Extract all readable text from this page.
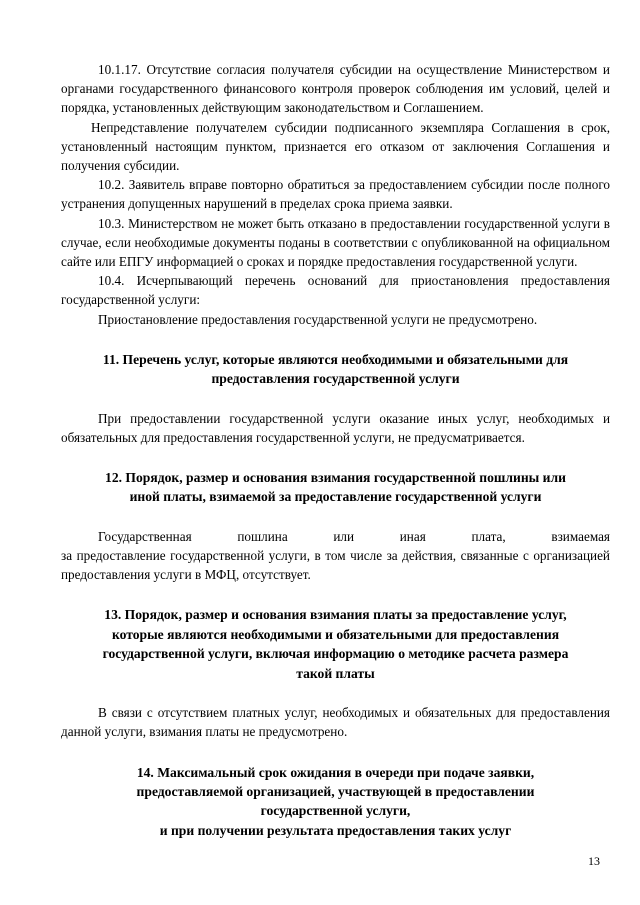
10.1.17. Отсутствие согласия получателя субсидии на осуществление Министерством и органами государственного финансового контроля проверок соблюдения им условий, целей и порядка, установленных действующим законодательством и Соглашением.

Непредставление получателем субсидии подписанного экземпляра Соглашения в срок, установленный настоящим пунктом, признается его отказом от заключения Соглашения и получения субсидии.

10.2. Заявитель вправе повторно обратиться за предоставлением субсидии после полного устранения допущенных нарушений в пределах срока приема заявки.

10.3. Министерством не может быть отказано в предоставлении государственной услуги в случае, если необходимые документы поданы в соответствии с опубликованной на официальном сайте или ЕПГУ информацией о сроках и порядке предоставления государственной услуги.

10.4. Исчерпывающий перечень оснований для приостановления предоставления государственной услуги:

Приостановление предоставления государственной услуги не предусмотрено.

11. Перечень услуг, которые являются необходимыми и обязательными для
предоставления государственной услуги

При предоставлении государственной услуги оказание иных услуг, необходимых и обязательных для предоставления государственной услуги, не предусматривается.

12. Порядок, размер и основания взимания государственной пошлины или
иной платы, взимаемой за предоставление государственной услуги

Государственная пошлина или иная плата, взимаемая

за предоставление государственной услуги, в том числе за действия, связанные с организацией предоставления услуги в МФЦ, отсутствует.

13. Порядок, размер и основания взимания платы за предоставление услуг,
которые являются необходимыми и обязательными для предоставления
государственной услуги, включая информацию о методике расчета размера
такой платы

В связи с отсутствием платных услуг, необходимых и обязательных для предоставления данной услуги, взимания платы не предусмотрено.

14. Максимальный срок ожидания в очереди при подаче заявки,
предоставляемой организацией, участвующей в предоставлении
государственной услуги,
и при получении результата предоставления таких услуг
13
